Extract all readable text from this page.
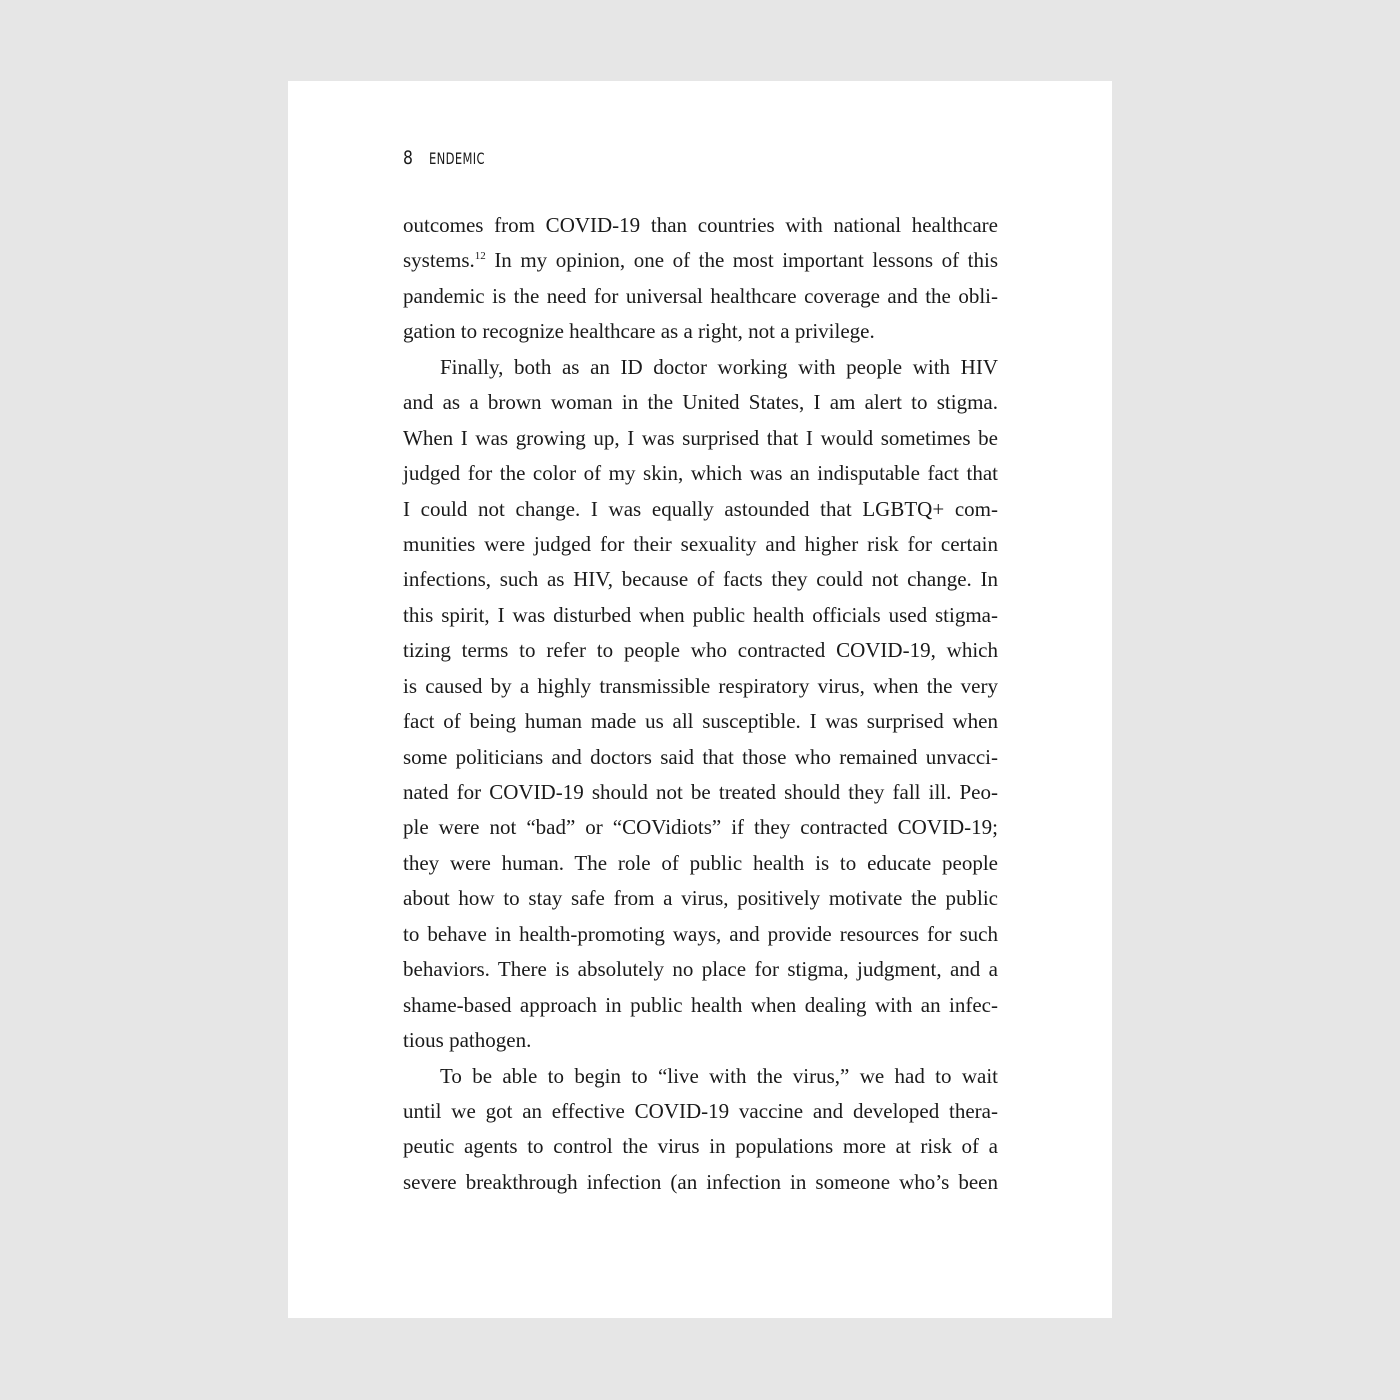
8 ENDEMIC
outcomes from COVID-19 than countries with national healthcare
systems.$^{12}$ In my opinion, one of the most important lessons of this
pandemic is the need for universal healthcare coverage and the obli-
gation to recognize healthcare as a right, not a privilege.
Finally, both as an ID doctor working with people with HIV
and as a brown woman in the United States, I am alert to stigma.
When I was growing up, I was surprised that I would sometimes be
judged for the color of my skin, which was an indisputable fact that
I could not change. I was equally astounded that LGBTQ+ com-
munities were judged for their sexuality and higher risk for certain
infections, such as HIV, because of facts they could not change. In
this spirit, I was disturbed when public health officials used stigma-
tizing terms to refer to people who contracted COVID-19, which
is caused by a highly transmissible respiratory virus, when the very
fact of being human made us all susceptible. I was surprised when
some politicians and doctors said that those who remained unvacci-
nated for COVID-19 should not be treated should they fall ill. Peo-
ple were not “bad” or “COVidiots” if they contracted COVID-19;
they were human. The role of public health is to educate people
about how to stay safe from a virus, positively motivate the public
to behave in health-promoting ways, and provide resources for such
behaviors. There is absolutely no place for stigma, judgment, and a
shame-based approach in public health when dealing with an infec-
tious pathogen.
To be able to begin to “live with the virus,” we had to wait
until we got an effective COVID-19 vaccine and developed thera-
peutic agents to control the virus in populations more at risk of a
severe breakthrough infection (an infection in someone who’s been
